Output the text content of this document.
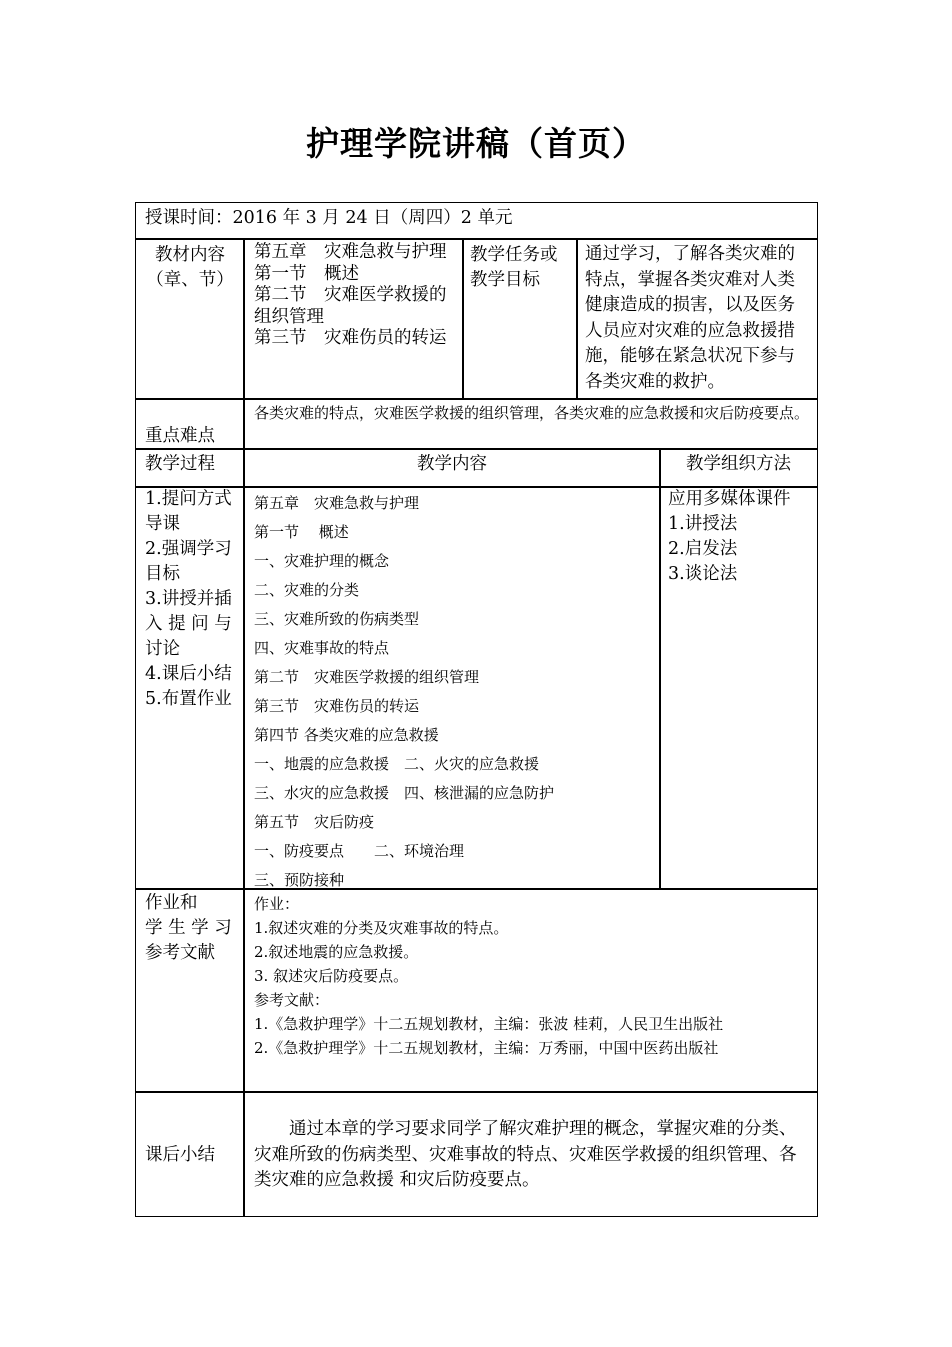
护理学院讲稿（首页）
授课时间：2016 年 3 月 24 日（周四）2 单元
教材内容
（章、节）
第五章　灾难急救与护理
第一节　概述
第二节　灾难医学救援的组织管理
第三节　灾难伤员的转运
教学任务或
教学目标
通过学习，了解各类灾难的特点，掌握各类灾难对人类健康造成的损害，以及医务人员应对灾难的应急救援措施，能够在紧急状况下参与各类灾难的救护。
重点难点
各类灾难的特点，灾难医学救援的组织管理，各类灾难的应急救援和灾后防疫要点。
教学过程	教学内容	教学组织方法
1.提问方式
导课
2.强调学习
目标
3.讲授并插
入 提 问 与
讨论
4.课后小结
5.布置作业
第五章　灾难急救与护理
第一节　 概述
一、灾难护理的概念
二、灾难的分类
三、灾难所致的伤病类型
四、灾难事故的特点
第二节　灾难医学救援的组织管理
第三节　灾难伤员的转运
第四节 各类灾难的应急救援
一、地震的应急救援　二、火灾的应急救援
三、水灾的应急救援　四、核泄漏的应急防护
第五节　灾后防疫
一、防疫要点　　二、环境治理
三、预防接种
应用多媒体课件
1.讲授法
2.启发法
3.谈论法
作业和
学 生 学 习
参考文献
作业：
1.叙述灾难的分类及灾难事故的特点。
2.叙述地震的应急救援。
3. 叙述灾后防疫要点。
参考文献：
1.《急救护理学》十二五规划教材，主编：张波 桂莉，人民卫生出版社
2.《急救护理学》十二五规划教材，主编：万秀丽，中国中医药出版社
课后小结
通过本章的学习要求同学了解灾难护理的概念，掌握灾难的分类、灾难所致的伤病类型、灾难事故的特点、灾难医学救援的组织管理、各类灾难的应急救援 和灾后防疫要点。
